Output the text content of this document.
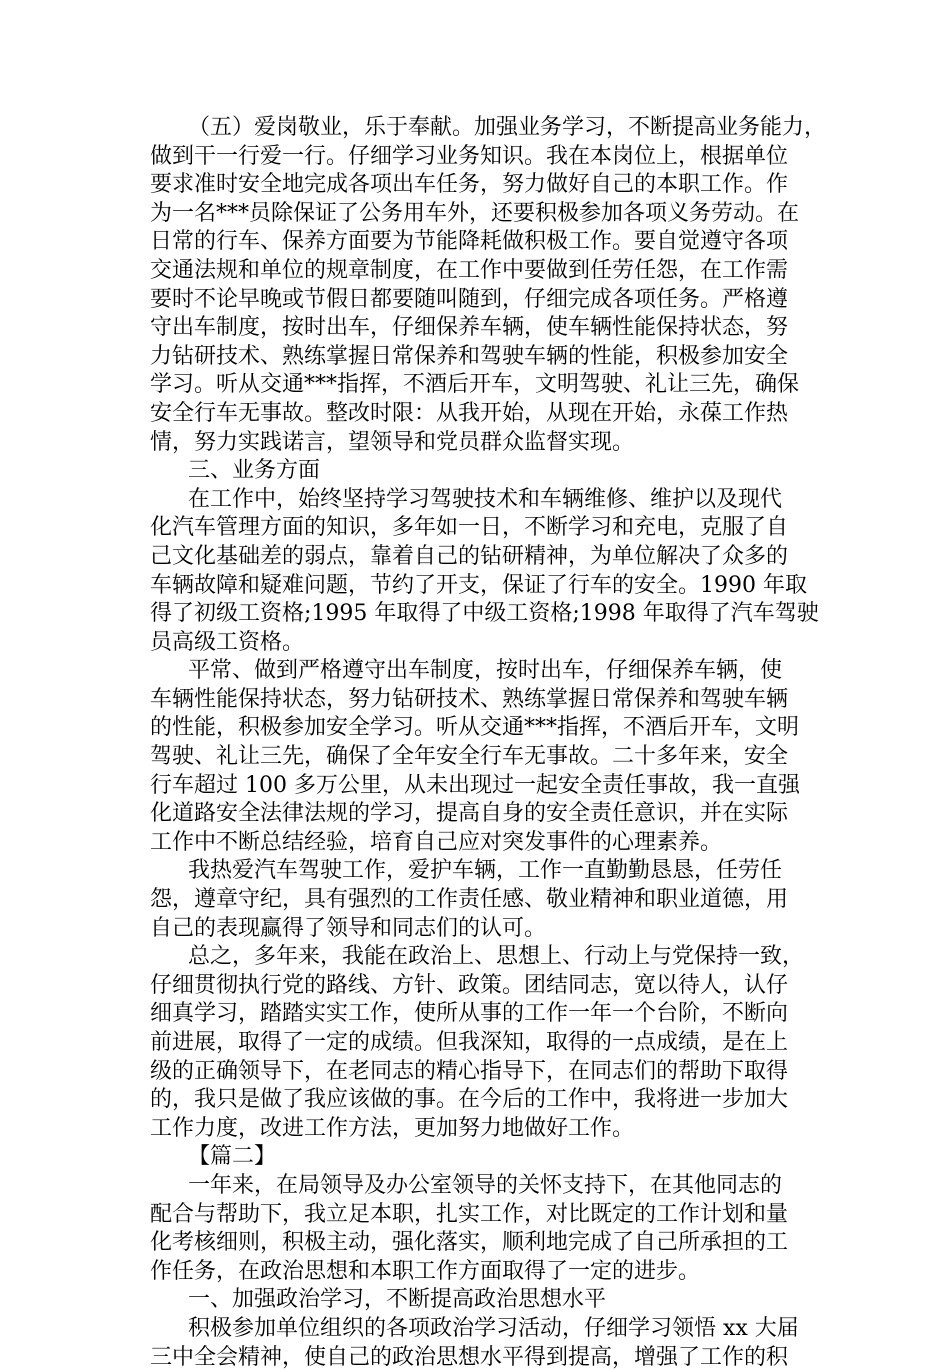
（五）爱岗敬业，乐于奉献。加强业务学习，不断提高业务能力，
做到干一行爱一行。仔细学习业务知识。我在本岗位上，根据单位
要求准时安全地完成各项出车任务，努力做好自己的本职工作。作
为一名***员除保证了公务用车外，还要积极参加各项义务劳动。在
日常的行车、保养方面要为节能降耗做积极工作。要自觉遵守各项
交通法规和单位的规章制度，在工作中要做到任劳任怨，在工作需
要时不论早晚或节假日都要随叫随到，仔细完成各项任务。严格遵
守出车制度，按时出车，仔细保养车辆，使车辆性能保持状态，努
力钻研技术、熟练掌握日常保养和驾驶车辆的性能，积极参加安全
学习。听从交通***指挥，不酒后开车，文明驾驶、礼让三先，确保
安全行车无事故。整改时限：从我开始，从现在开始，永葆工作热
情，努力实践诺言，望领导和党员群众监督实现。
三、业务方面
在工作中，始终坚持学习驾驶技术和车辆维修、维护以及现代
化汽车管理方面的知识，多年如一日，不断学习和充电，克服了自
己文化基础差的弱点，靠着自己的钻研精神，为单位解决了众多的
车辆故障和疑难问题，节约了开支，保证了行车的安全。1990 年取
得了初级工资格;1995 年取得了中级工资格;1998 年取得了汽车驾驶
员高级工资格。
平常、做到严格遵守出车制度，按时出车，仔细保养车辆，使
车辆性能保持状态，努力钻研技术、熟练掌握日常保养和驾驶车辆
的性能，积极参加安全学习。听从交通***指挥，不酒后开车，文明
驾驶、礼让三先，确保了全年安全行车无事故。二十多年来，安全
行车超过 100 多万公里，从未出现过一起安全责任事故，我一直强
化道路安全法律法规的学习，提高自身的安全责任意识，并在实际
工作中不断总结经验，培育自己应对突发事件的心理素养。
我热爱汽车驾驶工作，爱护车辆，工作一直勤勤恳恳，任劳任
怨，遵章守纪，具有强烈的工作责任感、敬业精神和职业道德，用
自己的表现赢得了领导和同志们的认可。
总之，多年来，我能在政治上、思想上、行动上与党保持一致，
仔细贯彻执行党的路线、方针、政策。团结同志，宽以待人，认仔
细真学习，踏踏实实工作，使所从事的工作一年一个台阶，不断向
前进展，取得了一定的成绩。但我深知，取得的一点成绩，是在上
级的正确领导下，在老同志的精心指导下，在同志们的帮助下取得
的，我只是做了我应该做的事。在今后的工作中，我将进一步加大
工作力度，改进工作方法，更加努力地做好工作。
【篇二】
一年来，在局领导及办公室领导的关怀支持下，在其他同志的
配合与帮助下，我立足本职，扎实工作，对比既定的工作计划和量
化考核细则，积极主动，强化落实，顺利地完成了自己所承担的工
作任务，在政治思想和本职工作方面取得了一定的进步。
一、加强政治学习，不断提高政治思想水平
积极参加单位组织的各项政治学习活动，仔细学习领悟 xx 大届
三中全会精神，使自己的政治思想水平得到提高，增强了工作的积
